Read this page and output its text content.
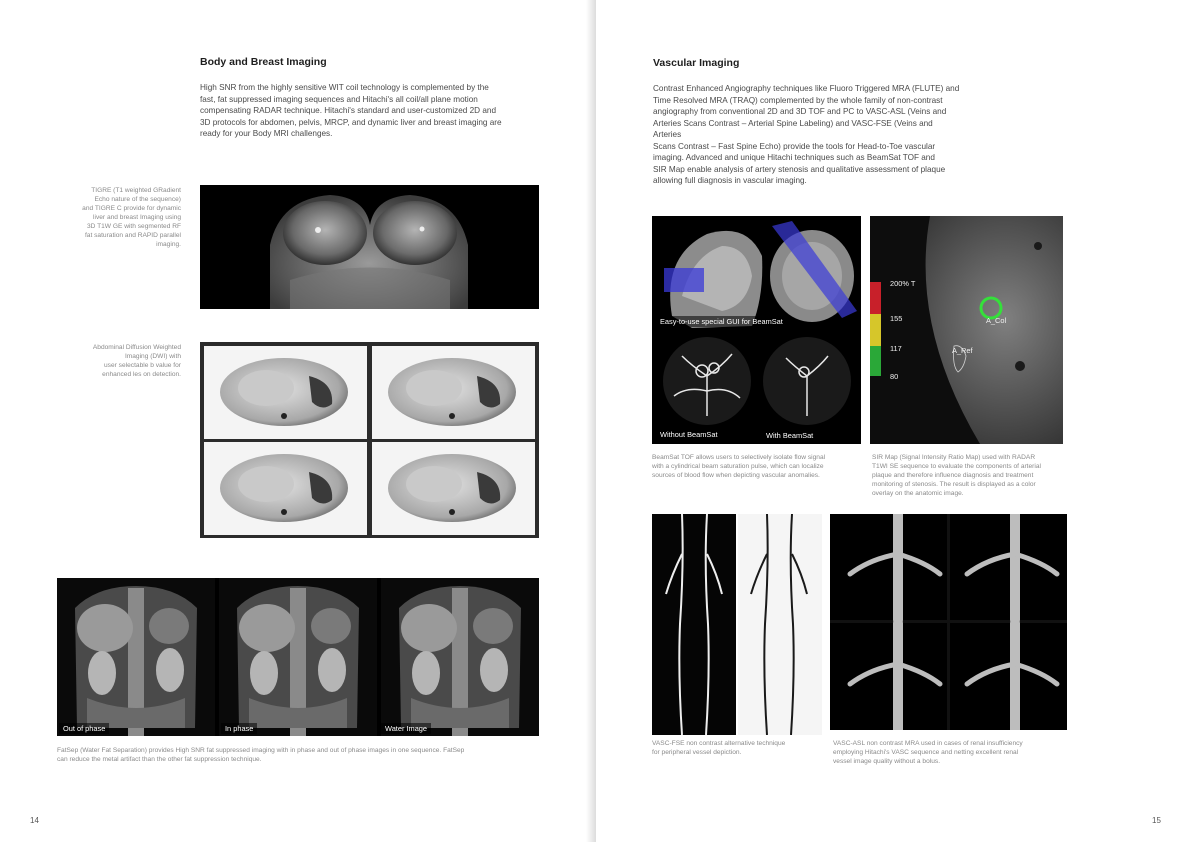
Body and Breast Imaging
High SNR from the highly sensitive WIT coil technology is complemented by the
fast, fat suppressed imaging sequences and Hitachi's all coil/all plane motion
compensating RADAR technique. Hitachi's standard and user-customized 2D and
3D protocols for abdomen, pelvis, MRCP, and dynamic liver and breast imaging are
ready for your Body MRI challenges.
TIGRE (T1 weighted GRadient
Echo nature of the sequence)
and TIGRE C provide for dynamic
liver and breast Imaging using
3D T1W GE with segmented RF
fat saturation and RAPID parallel
imaging.
Abdominal Diffusion Weighted
Imaging (DWI) with
user selectable b value for
enhanced les on detection.
Out of phase	In phase	Water Image
FatSep (Water Fat Separation) provides High SNR fat suppressed imaging with in phase and out of phase images in one sequence. FatSep
can reduce the metal artifact than the other fat suppression technique.
14
Vascular Imaging
Contrast Enhanced Angiography techniques like Fluoro Triggered MRA (FLUTE) and
Time Resolved MRA (TRAQ) complemented by the whole family of non-contrast
angiography from conventional 2D and 3D TOF and PC to VASC-ASL (Veins and
Arteries Scans Contrast – Arterial Spine Labeling) and VASC-FSE (Veins and
Arteries
Scans Contrast – Fast Spine Echo) provide the tools for Head-to-Toe vascular
imaging. Advanced and unique Hitachi techniques such as BeamSat TOF and
SIR Map enable analysis of artery stenosis and qualitative assessment of plaque
allowing full diagnosis in vascular imaging.
Easy-to-use special GUI for BeamSat
Without BeamSat	With BeamSat
200% T
155
117
80
A_Col
A_Ref
BeamSat TOF allows users to selectively isolate flow signal
with a cylindrical beam saturation pulse, which can localize
sources of blood flow when depicting vascular anomalies.
SIR Map (Signal Intensity Ratio Map) used with RADAR
T1WI SE sequence to evaluate the components of arterial
plaque and therefore influence diagnosis and treatment
monitoring of stenosis. The result is displayed as a color
overlay on the anatomic image.
VASC-FSE non contrast alternative technique
for peripheral vessel depiction.
VASC-ASL non contrast MRA used in cases of renal insufficiency
employing Hitachi's VASC sequence and netting excellent renal
vessel image quality without a bolus.
15
